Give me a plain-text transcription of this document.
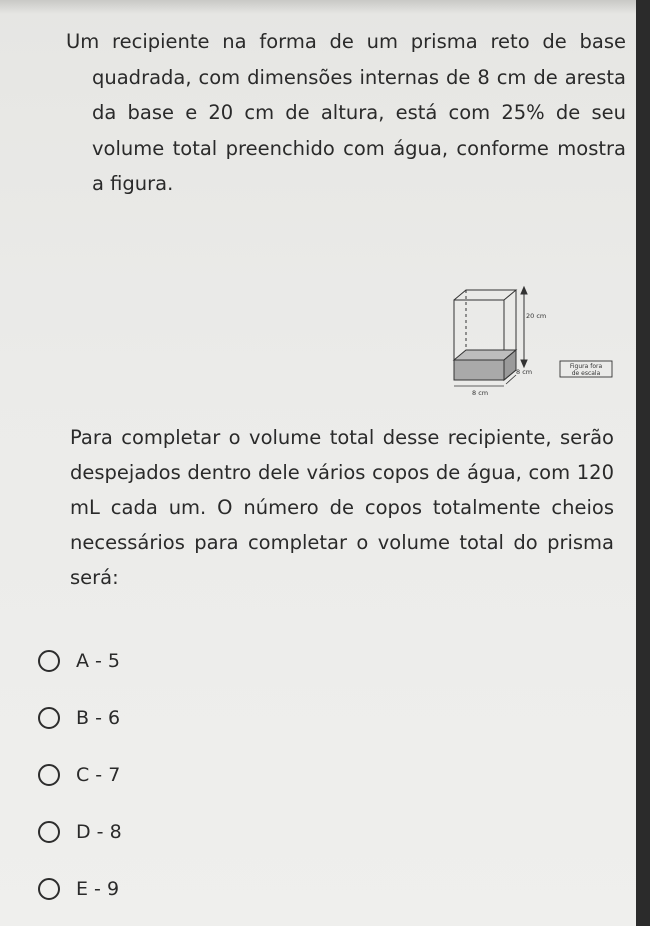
Um recipiente na forma de um prisma reto de base quadrada, com dimensões internas de 8 cm de aresta da base e 20 cm de altura, está com 25% de seu volume total preenchido com água, conforme mostra a figura.

20 cm
8 cm
8 cm
Figura fora
de escala

Para completar o volume total desse recipiente, serão despejados dentro dele vários copos de água, com 120 mL cada um. O número de copos totalmente cheios necessários para completar o volume total do prisma será:

A - 5
B - 6
C - 7
D - 8
E - 9
